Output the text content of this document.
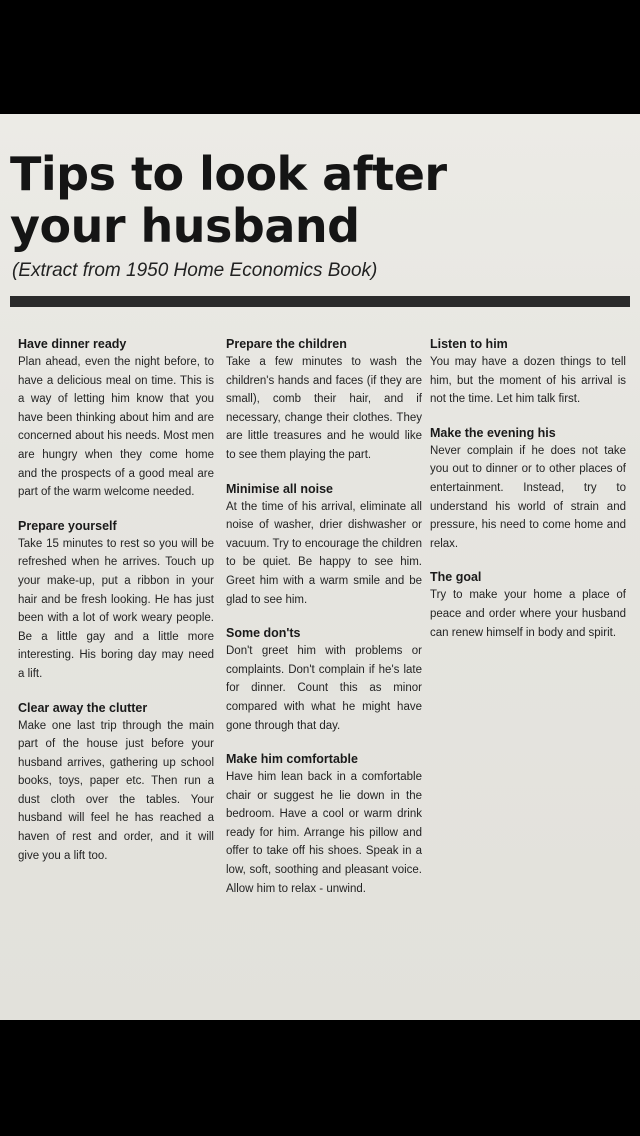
Tips to look after
your husband
(Extract from 1950 Home Economics Book)
Have dinner ready
Plan ahead, even the night before, to have a delicious meal on time. This is a way of letting him know that you have been thinking about him and are concerned about his needs. Most men are hungry when they come home and the prospects of a good meal are part of the warm welcome needed.
Prepare yourself
Take 15 minutes to rest so you will be refreshed when he arrives. Touch up your make-up, put a ribbon in your hair and be fresh looking. He has just been with a lot of work weary people. Be a little gay and a little more interesting. His boring day may need a lift.
Clear away the clutter
Make one last trip through the main part of the house just before your husband arrives, gathering up school books, toys, paper etc. Then run a dust cloth over the tables. Your husband will feel he has reached a haven of rest and order, and it will give you a lift too.
Prepare the children
Take a few minutes to wash the children's hands and faces (if they are small), comb their hair, and if necessary, change their clothes. They are little treasures and he would like to see them playing the part.
Minimise all noise
At the time of his arrival, eliminate all noise of washer, drier dishwasher or vacuum. Try to encourage the children to be quiet. Be happy to see him. Greet him with a warm smile and be glad to see him.
Some don'ts
Don't greet him with problems or complaints. Don't complain if he's late for dinner. Count this as minor compared with what he might have gone through that day.
Make him comfortable
Have him lean back in a comfortable chair or suggest he lie down in the bedroom. Have a cool or warm drink ready for him. Arrange his pillow and offer to take off his shoes. Speak in a low, soft, soothing and pleasant voice. Allow him to relax - unwind.
Listen to him
You may have a dozen things to tell him, but the moment of his arrival is not the time. Let him talk first.
Make the evening his
Never complain if he does not take you out to dinner or to other places of entertainment. Instead, try to understand his world of strain and pressure, his need to come home and relax.
The goal
Try to make your home a place of peace and order where your husband can renew himself in body and spirit.
